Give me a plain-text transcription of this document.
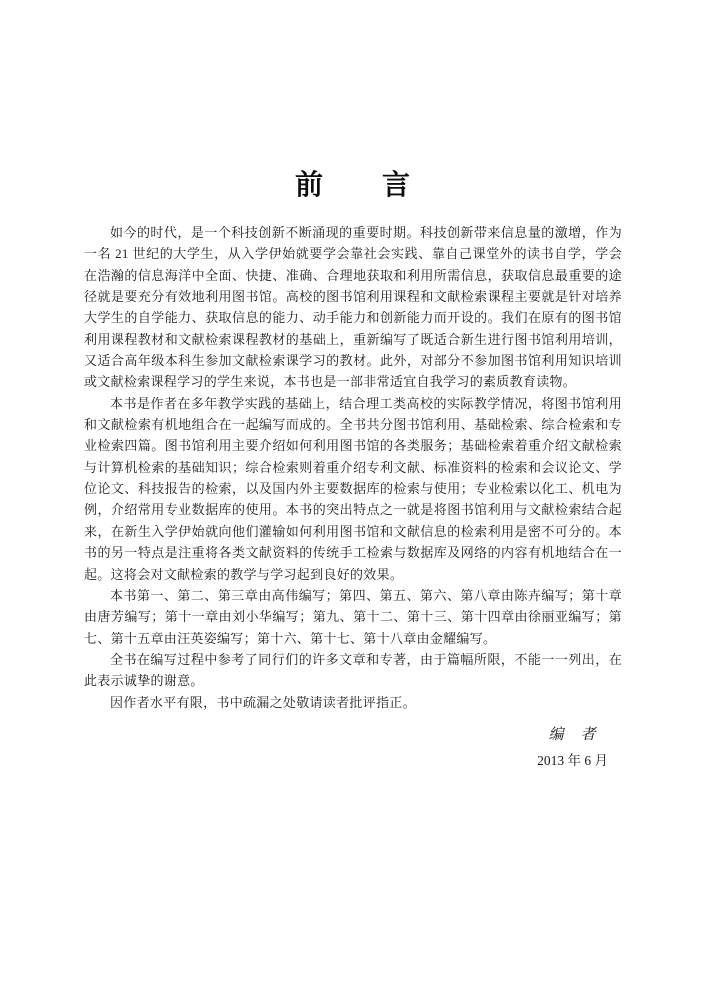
前　　言
如今的时代，是一个科技创新不断涌现的重要时期。科技创新带来信息量的激增，作为
一名 21 世纪的大学生，从入学伊始就要学会靠社会实践、靠自己课堂外的读书自学，学会
在浩瀚的信息海洋中全面、快捷、准确、合理地获取和利用所需信息，获取信息最重要的途
径就是要充分有效地利用图书馆。高校的图书馆利用课程和文献检索课程主要就是针对培养
大学生的自学能力、获取信息的能力、动手能力和创新能力而开设的。我们在原有的图书馆
利用课程教材和文献检索课程教材的基础上，重新编写了既适合新生进行图书馆利用培训，
又适合高年级本科生参加文献检索课学习的教材。此外，对部分不参加图书馆利用知识培训
或文献检索课程学习的学生来说，本书也是一部非常适宜自我学习的素质教育读物。
本书是作者在多年教学实践的基础上，结合理工类高校的实际教学情况，将图书馆利用
和文献检索有机地组合在一起编写而成的。全书共分图书馆利用、基础检索、综合检索和专
业检索四篇。图书馆利用主要介绍如何利用图书馆的各类服务；基础检索着重介绍文献检索
与计算机检索的基础知识；综合检索则着重介绍专利文献、标准资料的检索和会议论文、学
位论文、科技报告的检索，以及国内外主要数据库的检索与使用；专业检索以化工、机电为
例，介绍常用专业数据库的使用。本书的突出特点之一就是将图书馆利用与文献检索结合起
来，在新生入学伊始就向他们灌输如何利用图书馆和文献信息的检索利用是密不可分的。本
书的另一特点是注重将各类文献资料的传统手工检索与数据库及网络的内容有机地结合在一
起。这将会对文献检索的教学与学习起到良好的效果。
本书第一、第二、第三章由高伟编写；第四、第五、第六、第八章由陈卉编写；第十章
由唐芳编写；第十一章由刘小华编写；第九、第十二、第十三、第十四章由徐丽亚编写；第
七、第十五章由汪英姿编写；第十六、第十七、第十八章由金耀编写。
全书在编写过程中参考了同行们的许多文章和专著，由于篇幅所限，不能一一列出，在
此表示诚挚的谢意。
因作者水平有限，书中疏漏之处敬请读者批评指正。
编　者
2013 年 6 月
